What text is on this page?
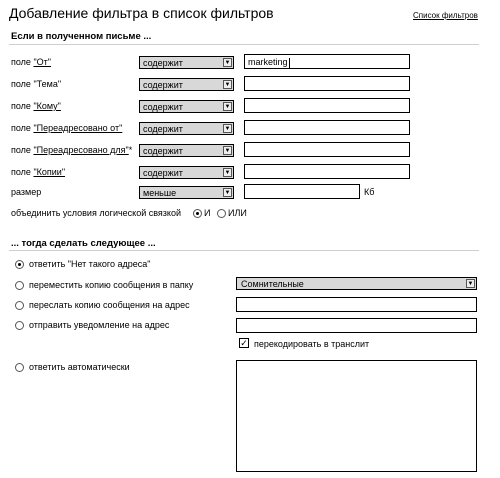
Добавление фильтра в список фильтров	Список фильтров
Если в полученном письме ...
поле "От"	содержит	▼ marketing
поле "Тема"	содержит	▼
поле "Кому"	содержит	▼
поле "Переадресовано от" содержит	▼
поле "Переадресовано для"* содержит	▼
поле "Копии"	содержит	▼
размер	меньше	▼	Кб
объединить условия логической связкой	И ИЛИ
... тогда сделать следующее ...
ответить "Нет такого адреса"
переместить копию сообщения в папку	Сомнительные	▼
переслать копию сообщения на адрес
отправить уведомление на адрес
✓ перекодировать в транслит
ответить автоматически
